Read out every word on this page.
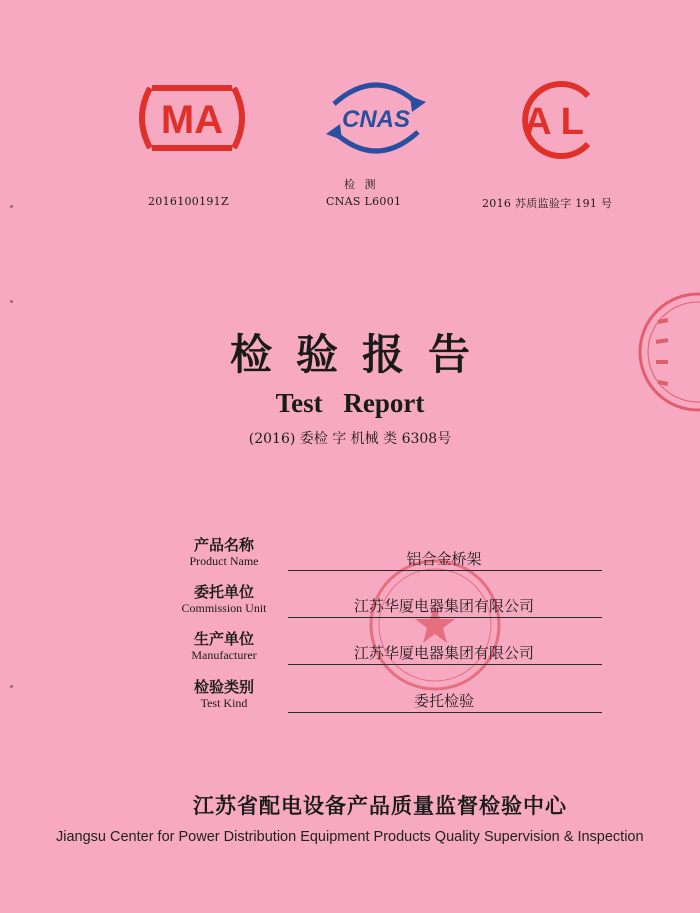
MA	CNAS	A L
2016100191Z
检 测
CNAS L6001	2016 苏质监验字 191 号
检验报告
Test Report
(2016) 委检 字 机械 类 6308号
产品名称
Product Name	铝合金桥架
委托单位
Commission Unit	江苏华厦电器集团有限公司
生产单位
Manufacturer	江苏华厦电器集团有限公司
检验类别
Test Kind	委托检验
江苏省配电设备产品质量监督检验中心
Jiangsu Center for Power Distribution Equipment Products Quality Supervision & Inspection
